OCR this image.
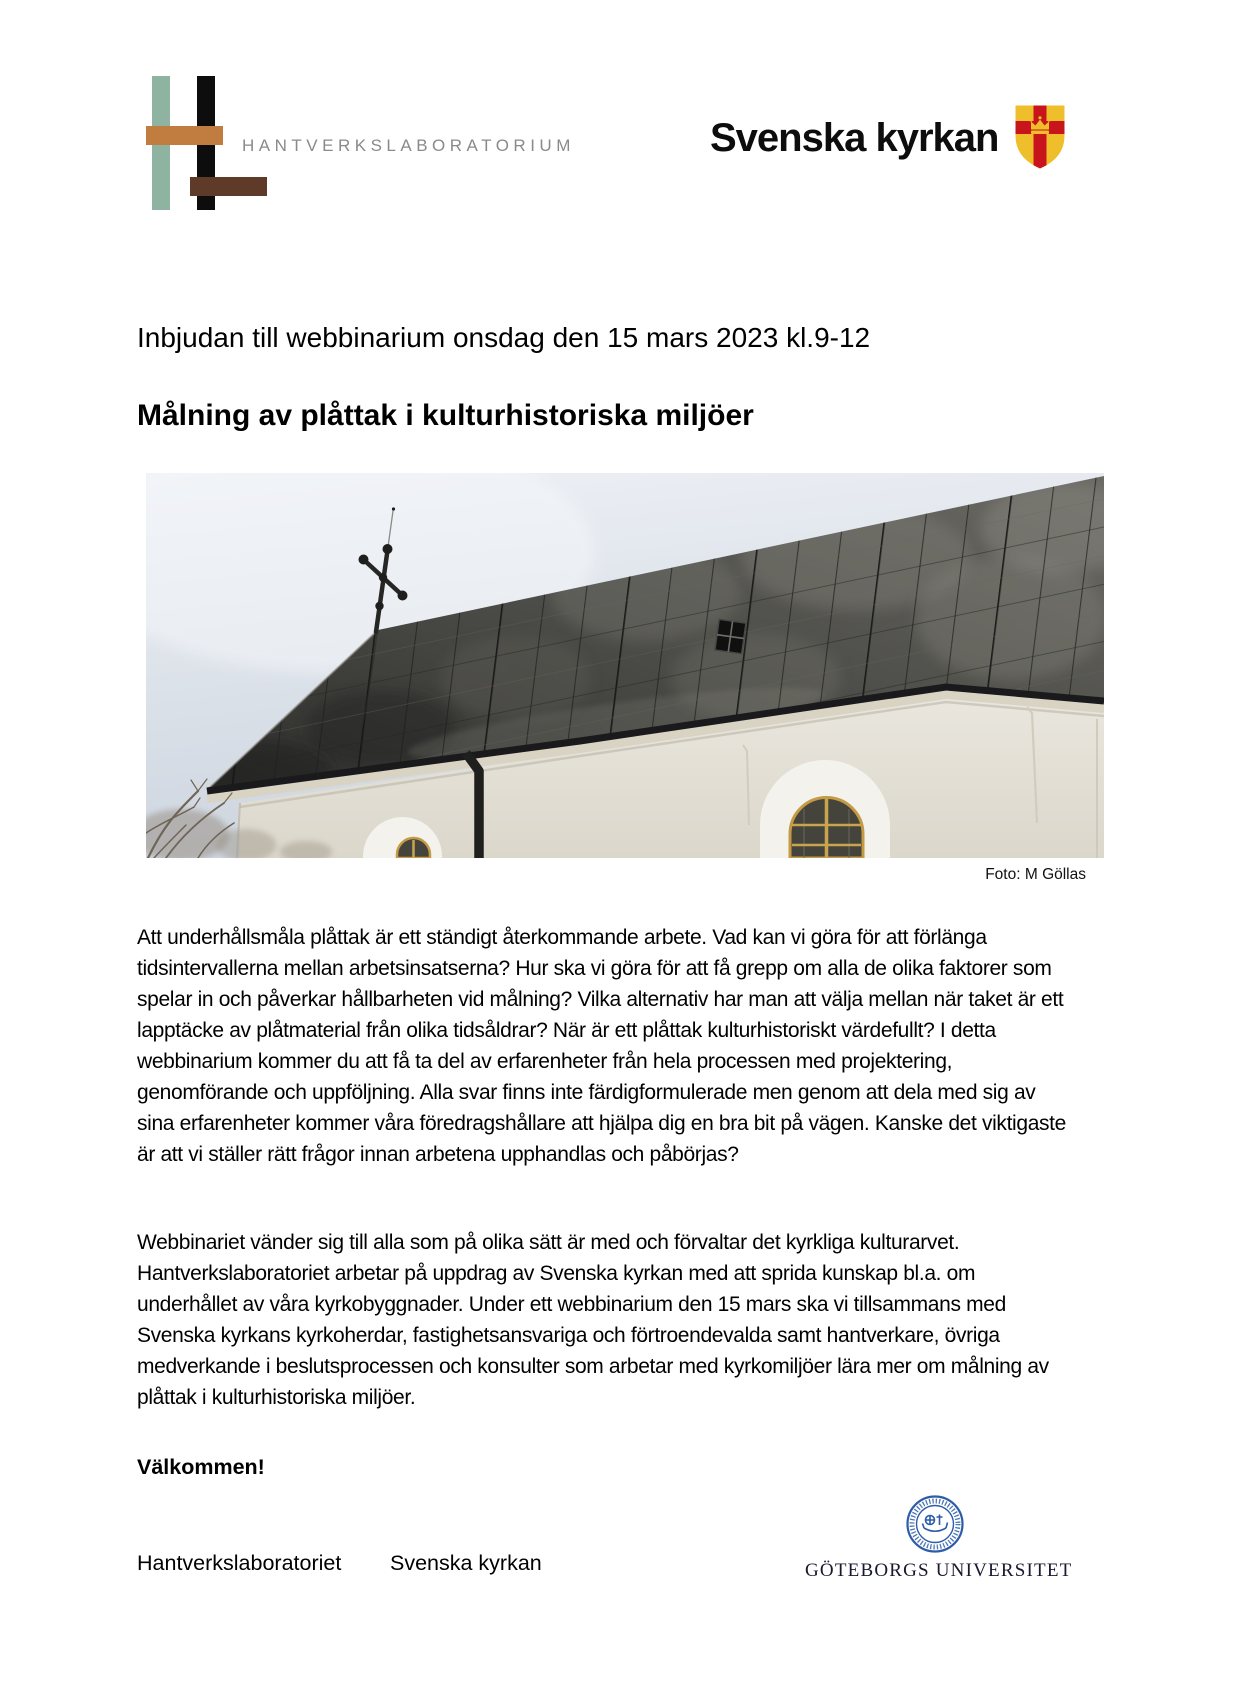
HANTVERKSLABORATORIUM	Svenska kyrkan
Inbjudan till webbinarium onsdag den 15 mars 2023 kl.9-12
Målning av plåttak i kulturhistoriska miljöer
Foto: M Göllas
Att underhållsmåla plåttak är ett ständigt återkommande arbete. Vad kan vi göra för att förlänga tidsintervallerna mellan arbetsinsatserna? Hur ska vi göra för att få grepp om alla de olika faktorer som spelar in och påverkar hållbarheten vid målning? Vilka alternativ har man att välja mellan när taket är ett lapptäcke av plåtmaterial från olika tidsåldrar? När är ett plåttak kulturhistoriskt värdefullt? I detta webbinarium kommer du att få ta del av erfarenheter från hela processen med projektering, genomförande och uppföljning. Alla svar finns inte färdigformulerade men genom att dela med sig av sina erfarenheter kommer våra föredragshållare att hjälpa dig en bra bit på vägen. Kanske det viktigaste är att vi ställer rätt frågor innan arbetena upphandlas och påbörjas?
Webbinariet vänder sig till alla som på olika sätt är med och förvaltar det kyrkliga kulturarvet. Hantverkslaboratoriet arbetar på uppdrag av Svenska kyrkan med att sprida kunskap bl.a. om underhållet av våra kyrkobyggnader. Under ett webbinarium den 15 mars ska vi tillsammans med Svenska kyrkans kyrkoherdar, fastighetsansvariga och förtroendevalda samt hantverkare, övriga medverkande i beslutsprocessen och konsulter som arbetar med kyrkomiljöer lära mer om målning av plåttak i kulturhistoriska miljöer.
Välkommen!
Hantverkslaboratoriet Svenska kyrkan	GÖTEBORGS UNIVERSITET
